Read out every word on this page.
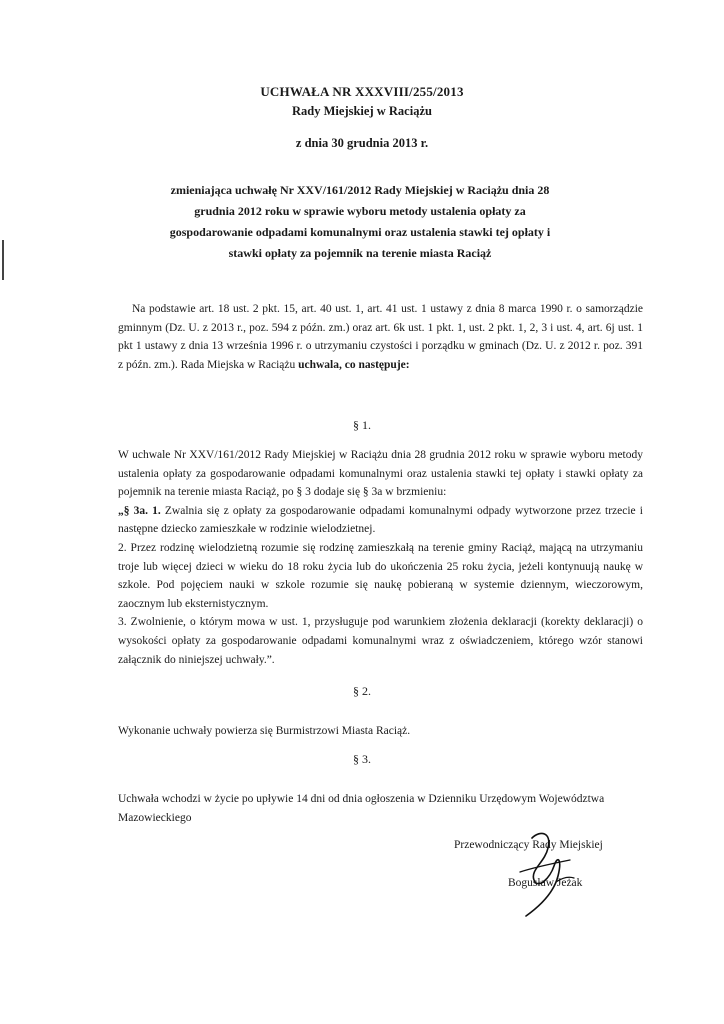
UCHWAŁA NR XXXVIII/255/2013
Rady Miejskiej w Raciążu
z dnia 30 grudnia 2013 r.
zmieniająca uchwałę Nr XXV/161/2012 Rady Miejskiej w Raciążu dnia 28 grudnia 2012 roku w sprawie wyboru metody ustalenia opłaty za gospodarowanie odpadami komunalnymi oraz ustalenia stawki tej opłaty i stawki opłaty za pojemnik na terenie miasta Raciąż
Na podstawie art. 18 ust. 2 pkt. 15, art. 40 ust. 1, art. 41 ust. 1 ustawy z dnia 8 marca 1990 r. o samorządzie gminnym (Dz. U. z 2013 r., poz. 594 z późn. zm.) oraz art. 6k ust. 1 pkt. 1, ust. 2 pkt. 1, 2, 3 i ust. 4, art. 6j ust. 1 pkt 1 ustawy z dnia 13 września 1996 r. o utrzymaniu czystości i porządku w gminach (Dz. U. z 2012 r. poz. 391 z późn. zm.). Rada Miejska w Raciążu uchwala, co następuje:
§ 1.
W uchwale Nr XXV/161/2012 Rady Miejskiej w Raciążu dnia 28 grudnia 2012 roku w sprawie wyboru metody ustalenia opłaty za gospodarowanie odpadami komunalnymi oraz ustalenia stawki tej opłaty i stawki opłaty za pojemnik na terenie miasta Raciąż, po § 3 dodaje się § 3a w brzmieniu:
„§ 3a. 1. Zwalnia się z opłaty za gospodarowanie odpadami komunalnymi odpady wytworzone przez trzecie i następne dziecko zamieszkałe w rodzinie wielodzietnej.
2. Przez rodzinę wielodzietną rozumie się rodzinę zamieszkałą na terenie gminy Raciąż, mającą na utrzymaniu troje lub więcej dzieci w wieku do 18 roku życia lub do ukończenia 25 roku życia, jeżeli kontynuują naukę w szkole. Pod pojęciem nauki w szkole rozumie się naukę pobieraną w systemie dziennym, wieczorowym, zaocznym lub eksternistycznym.
3. Zwolnienie, o którym mowa w ust. 1, przysługuje pod warunkiem złożenia deklaracji (korekty deklaracji) o wysokości opłaty za gospodarowanie odpadami komunalnymi wraz z oświadczeniem, którego wzór stanowi załącznik do niniejszej uchwały.”.
§ 2.
Wykonanie uchwały powierza się Burmistrzowi Miasta Raciąż.
§ 3.
Uchwała wchodzi w życie po upływie 14 dni od dnia ogłoszenia w Dzienniku Urzędowym Województwa Mazowieckiego
Przewodniczący Rady Miejskiej
Bogusław Jeżak
